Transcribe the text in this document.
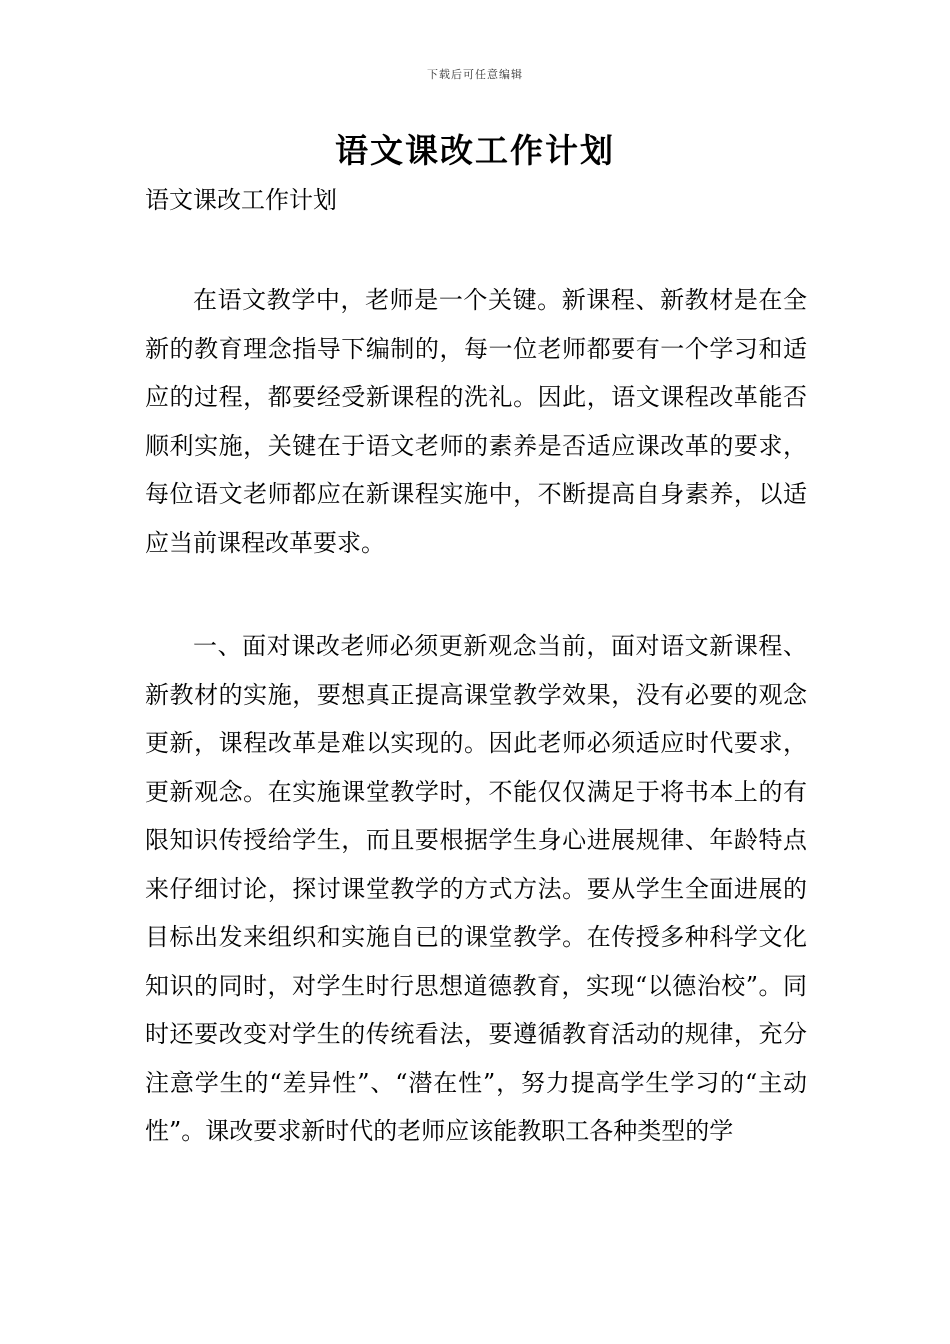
下载后可任意编辑
语文课改工作计划

语文课改工作计划

在语文教学中，老师是一个关键。新课程、新教材是在全新的教育理念指导下编制的，每一位老师都要有一个学习和适应的过程，都要经受新课程的洗礼。因此，语文课程改革能否顺利实施，关键在于语文老师的素养是否适应课改革的要求，每位语文老师都应在新课程实施中，不断提高自身素养，以适应当前课程改革要求。

一、面对课改老师必须更新观念当前，面对语文新课程、新教材的实施，要想真正提高课堂教学效果，没有必要的观念更新，课程改革是难以实现的。因此老师必须适应时代要求，更新观念。在实施课堂教学时，不能仅仅满足于将书本上的有限知识传授给学生，而且要根据学生身心进展规律、年龄特点来仔细讨论，探讨课堂教学的方式方法。要从学生全面进展的目标出发来组织和实施自已的课堂教学。在传授多种科学文化知识的同时，对学生时行思想道德教育，实现“以德治校”。同时还要改变对学生的传统看法，要遵循教育活动的规律，充分注意学生的“差异性”、“潜在性”，努力提高学生学习的“主动性”。课改要求新时代的老师应该能教职工各种类型的学
